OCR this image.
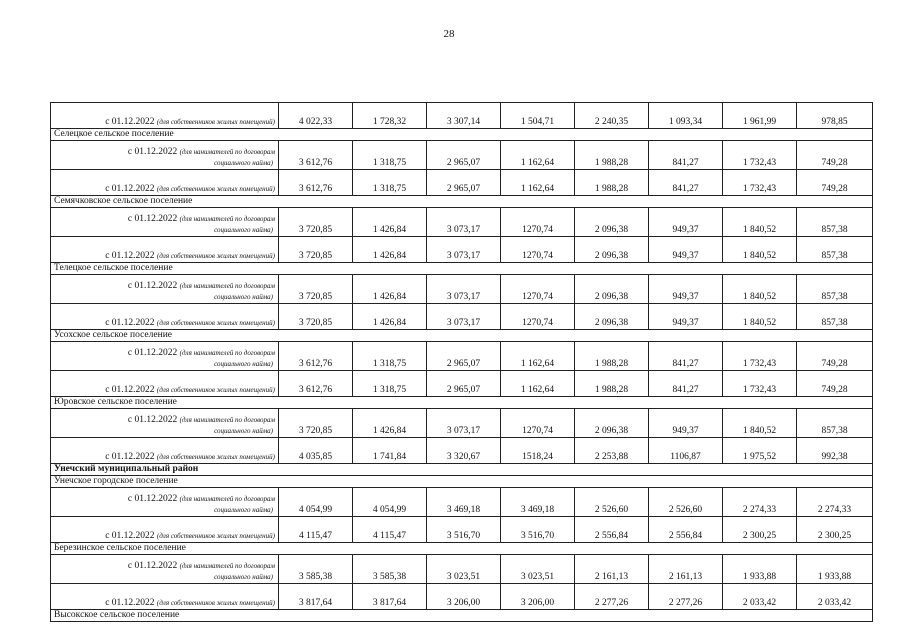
28
с 01.12.2022 (для собственников жилых помещений)	4 022,33	1 728,32	3 307,14	1 504,71	2 240,35	1 093,34	1 961,99	978,85
Селецкое сельское поселение								

с 01.12.2022 (для нанимателей по договорам
социального найма)	3 612,76	1 318,75	2 965,07	1 162,64	1 988,28	841,27	1 732,43	749,28
с 01.12.2022 (для собственников жилых помещений)	3 612,76	1 318,75	2 965,07	1 162,64	1 988,28	841,27	1 732,43	749,28
Семячковское сельское поселение								

с 01.12.2022 (для нанимателей по договорам
социального найма)	3 720,85	1 426,84	3 073,17	1270,74	2 096,38	949,37	1 840,52	857,38
с 01.12.2022 (для собственников жилых помещений)	3 720,85	1 426,84	3 073,17	1270,74	2 096,38	949,37	1 840,52	857,38
Телецкое сельское поселение								

с 01.12.2022 (для нанимателей по договорам
социального найма)	3 720,85	1 426,84	3 073,17	1270,74	2 096,38	949,37	1 840,52	857,38
с 01.12.2022 (для собственников жилых помещений)	3 720,85	1 426,84	3 073,17	1270,74	2 096,38	949,37	1 840,52	857,38
Усохское сельское поселение								

с 01.12.2022 (для нанимателей по договорам
социального найма)	3 612,76	1 318,75	2 965,07	1 162,64	1 988,28	841,27	1 732,43	749,28
с 01.12.2022 (для собственников жилых помещений)	3 612,76	1 318,75	2 965,07	1 162,64	1 988,28	841,27	1 732,43	749,28
Юровское сельское поселение								

с 01.12.2022 (для нанимателей по договорам
социального найма)	3 720,85	1 426,84	3 073,17	1270,74	2 096,38	949,37	1 840,52	857,38
с 01.12.2022 (для собственников жилых помещений)	4 035,85	1 741,84	3 320,67	1518,24	2 253,88	1106,87	1 975,52	992,38
Унечский муниципальный район								
Унечское городское поселение								

с 01.12.2022 (для нанимателей по договорам
социального найма)	4 054,99	4 054,99	3 469,18	3 469,18	2 526,60	2 526,60	2 274,33	2 274,33
с 01.12.2022 (для собственников жилых помещений)	4 115,47	4 115,47	3 516,70	3 516,70	2 556,84	2 556,84	2 300,25	2 300,25
Березинское сельское поселение								

с 01.12.2022 (для нанимателей по договорам
социального найма)	3 585,38	3 585,38	3 023,51	3 023,51	2 161,13	2 161,13	1 933,88	1 933,88
с 01.12.2022 (для собственников жилых помещений)	3 817,64	3 817,64	3 206,00	3 206,00	2 277,26	2 277,26	2 033,42	2 033,42
Высокское сельское поселение								
